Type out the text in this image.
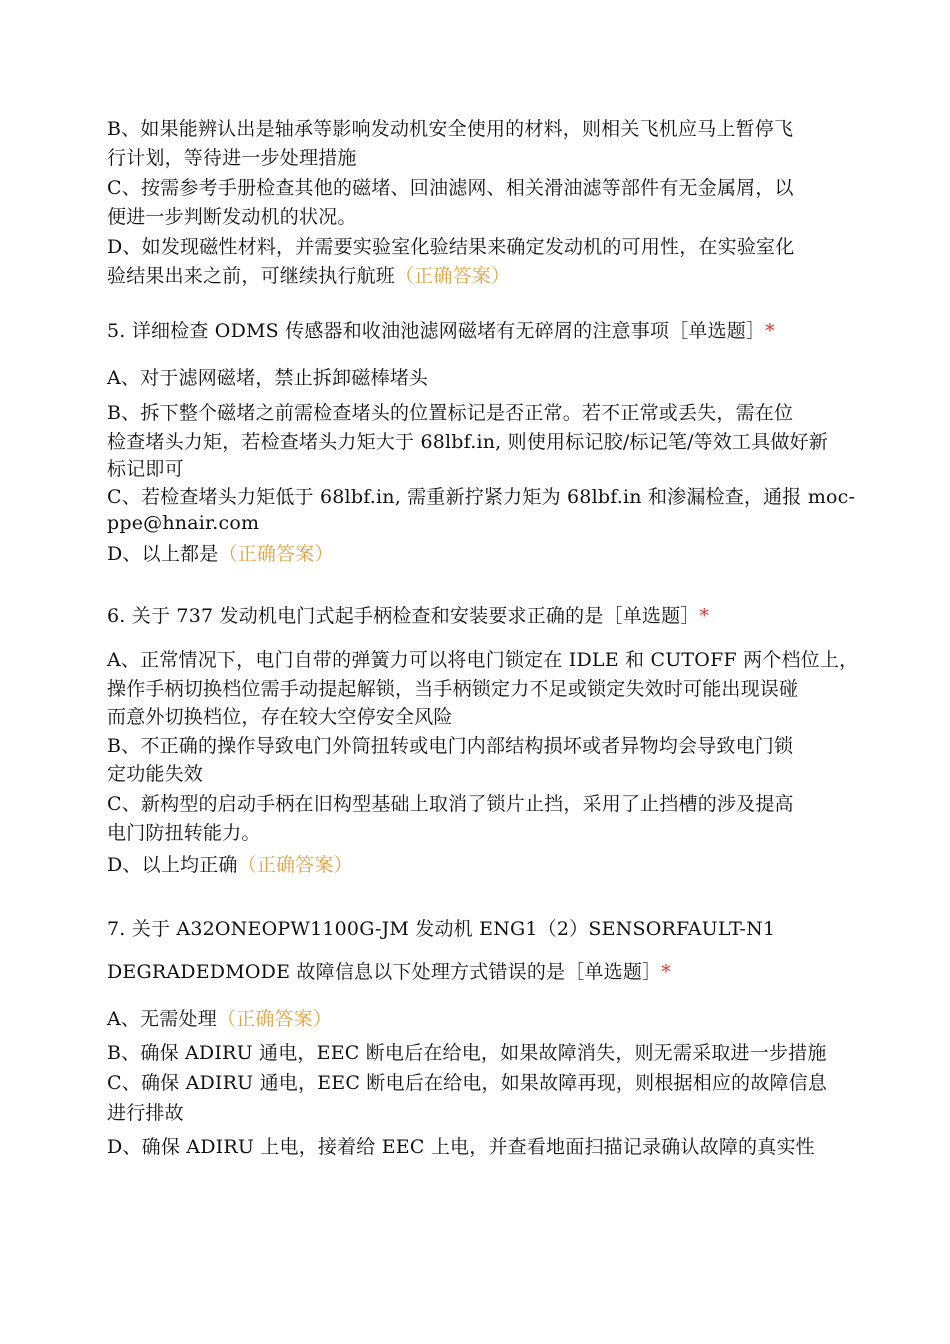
B、如果能辨认出是轴承等影响发动机安全使用的材料，则相关飞机应马上暂停飞
行计划，等待进一步处理措施
C、按需参考手册检查其他的磁堵、回油滤网、相关滑油滤等部件有无金属屑，以
便进一步判断发动机的状况。
D、如发现磁性材料，并需要实验室化验结果来确定发动机的可用性，在实验室化
验结果出来之前，可继续执行航班（正确答案）
5. 详细检查 ODMS 传感器和收油池滤网磁堵有无碎屑的注意事项［单选题］*
A、对于滤网磁堵，禁止拆卸磁棒堵头
B、拆下整个磁堵之前需检查堵头的位置标记是否正常。若不正常或丢失，需在位
检查堵头力矩，若检查堵头力矩大于 68lbf.in, 则使用标记胶/标记笔/等效工具做好新
标记即可
C、若检查堵头力矩低于 68lbf.in, 需重新拧紧力矩为 68lbf.in 和渗漏检查，通报 moc-
ppe@hnair.com
D、以上都是（正确答案）
6. 关于 737 发动机电门式起手柄检查和安装要求正确的是［单选题］*
A、正常情况下，电门自带的弹簧力可以将电门锁定在 IDLE 和 CUTOFF 两个档位上，
操作手柄切换档位需手动提起解锁，当手柄锁定力不足或锁定失效时可能出现误碰
而意外切换档位，存在较大空停安全风险
B、不正确的操作导致电门外筒扭转或电门内部结构损坏或者异物均会导致电门锁
定功能失效
C、新构型的启动手柄在旧构型基础上取消了锁片止挡，采用了止挡槽的涉及提高
电门防扭转能力。
D、以上均正确（正确答案）
7. 关于 A32ONEOPW1100G-JM 发动机 ENG1（2）SENSORFAULT-N1
DEGRADEDMODE 故障信息以下处理方式错误的是［单选题］*
A、无需处理（正确答案）
B、确保 ADIRU 通电，EEC 断电后在给电，如果故障消失，则无需采取进一步措施
C、确保 ADIRU 通电，EEC 断电后在给电，如果故障再现，则根据相应的故障信息
进行排故
D、确保 ADIRU 上电，接着给 EEC 上电，并查看地面扫描记录确认故障的真实性
